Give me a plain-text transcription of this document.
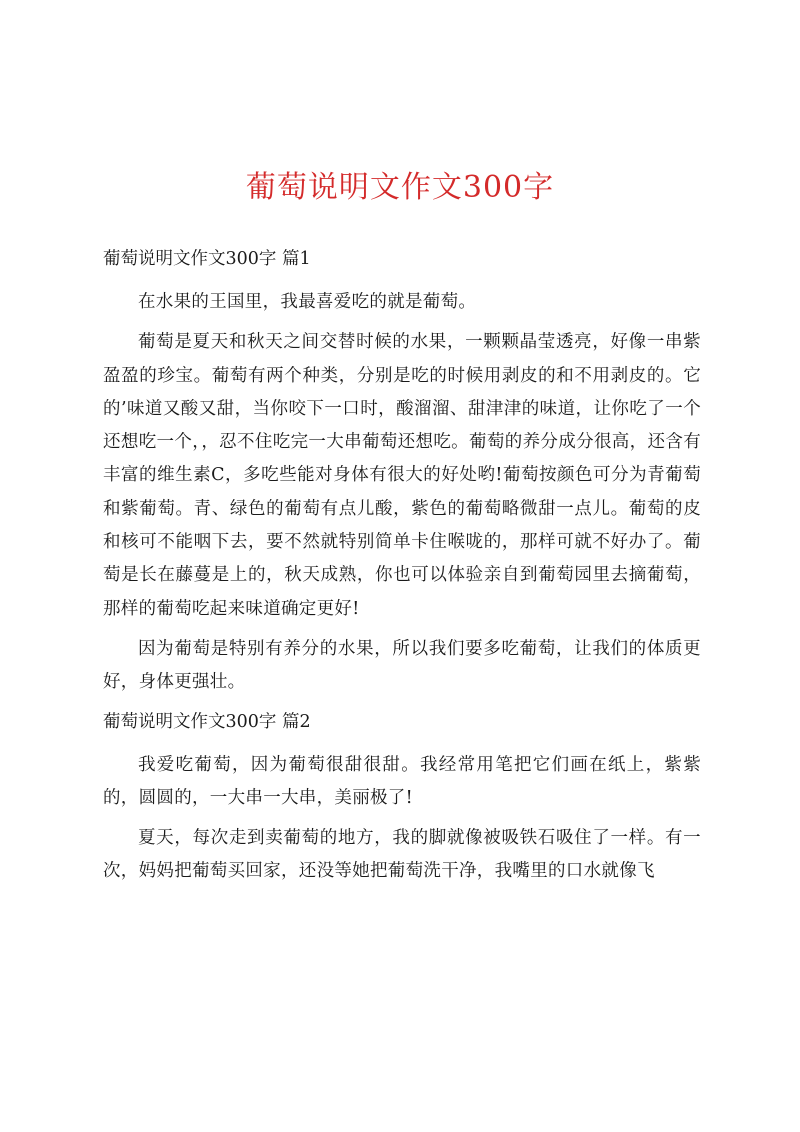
葡萄说明文作文300字
葡萄说明文作文300字 篇1

在水果的王国里，我最喜爱吃的就是葡萄。

葡萄是夏天和秋天之间交替时候的水果，一颗颗晶莹透亮，好像一串紫盈盈的珍宝。葡萄有两个种类，分别是吃的时候用剥皮的和不用剥皮的。它的’味道又酸又甜，当你咬下一口时，酸溜溜、甜津津的味道，让你吃了一个还想吃一个，，忍不住吃完一大串葡萄还想吃。葡萄的养分成分很高，还含有丰富的维生素C，多吃些能对身体有很大的好处哟!葡萄按颜色可分为青葡萄和紫葡萄。青、绿色的葡萄有点儿酸，紫色的葡萄略微甜一点儿。葡萄的皮和核可不能咽下去，要不然就特别简单卡住喉咙的，那样可就不好办了。葡萄是长在藤蔓是上的，秋天成熟，你也可以体验亲自到葡萄园里去摘葡萄，那样的葡萄吃起来味道确定更好!

因为葡萄是特别有养分的水果，所以我们要多吃葡萄，让我们的体质更好，身体更强壮。

葡萄说明文作文300字 篇2

我爱吃葡萄，因为葡萄很甜很甜。我经常用笔把它们画在纸上，紫紫的，圆圆的，一大串一大串，美丽极了!

夏天，每次走到卖葡萄的地方，我的脚就像被吸铁石吸住了一样。有一次，妈妈把葡萄买回家，还没等她把葡萄洗干净，我嘴里的口水就像飞
